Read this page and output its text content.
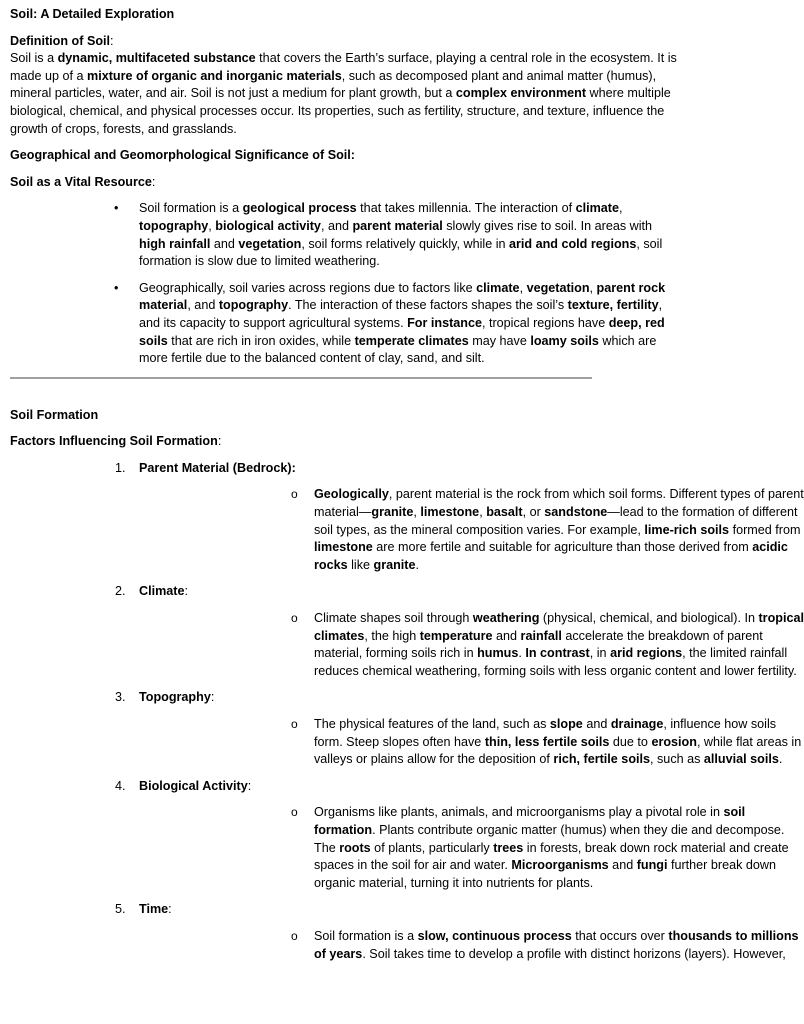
Soil: A Detailed Exploration
Definition of Soil:
Soil is a dynamic, multifaceted substance that covers the Earth’s surface, playing a central role in the ecosystem. It is made up of a mixture of organic and inorganic materials, such as decomposed plant and animal matter (humus), mineral particles, water, and air. Soil is not just a medium for plant growth, but a complex environment where multiple biological, chemical, and physical processes occur. Its properties, such as fertility, structure, and texture, influence the growth of crops, forests, and grasslands.
Geographical and Geomorphological Significance of Soil:
Soil as a Vital Resource:
• Soil formation is a geological process that takes millennia. The interaction of climate, topography, biological activity, and parent material slowly gives rise to soil. In areas with high rainfall and vegetation, soil forms relatively quickly, while in arid and cold regions, soil formation is slow due to limited weathering.
• Geographically, soil varies across regions due to factors like climate, vegetation, parent rock material, and topography. The interaction of these factors shapes the soil’s texture, fertility, and its capacity to support agricultural systems. For instance, tropical regions have deep, red soils that are rich in iron oxides, while temperate climates may have loamy soils which are more fertile due to the balanced content of clay, sand, and silt.
Soil Formation
Factors Influencing Soil Formation:
1. Parent Material (Bedrock):
o Geologically, parent material is the rock from which soil forms. Different types of parent material—granite, limestone, basalt, or sandstone—lead to the formation of different soil types, as the mineral composition varies. For example, lime-rich soils formed from limestone are more fertile and suitable for agriculture than those derived from acidic rocks like granite.
2. Climate:
o Climate shapes soil through weathering (physical, chemical, and biological). In tropical climates, the high temperature and rainfall accelerate the breakdown of parent material, forming soils rich in humus. In contrast, in arid regions, the limited rainfall reduces chemical weathering, forming soils with less organic content and lower fertility.
3. Topography:
o The physical features of the land, such as slope and drainage, influence how soils form. Steep slopes often have thin, less fertile soils due to erosion, while flat areas in valleys or plains allow for the deposition of rich, fertile soils, such as alluvial soils.
4. Biological Activity:
o Organisms like plants, animals, and microorganisms play a pivotal role in soil formation. Plants contribute organic matter (humus) when they die and decompose. The roots of plants, particularly trees in forests, break down rock material and create spaces in the soil for air and water. Microorganisms and fungi further break down organic material, turning it into nutrients for plants.
5. Time:
o Soil formation is a slow, continuous process that occurs over thousands to millions of years. Soil takes time to develop a profile with distinct horizons (layers). However,
